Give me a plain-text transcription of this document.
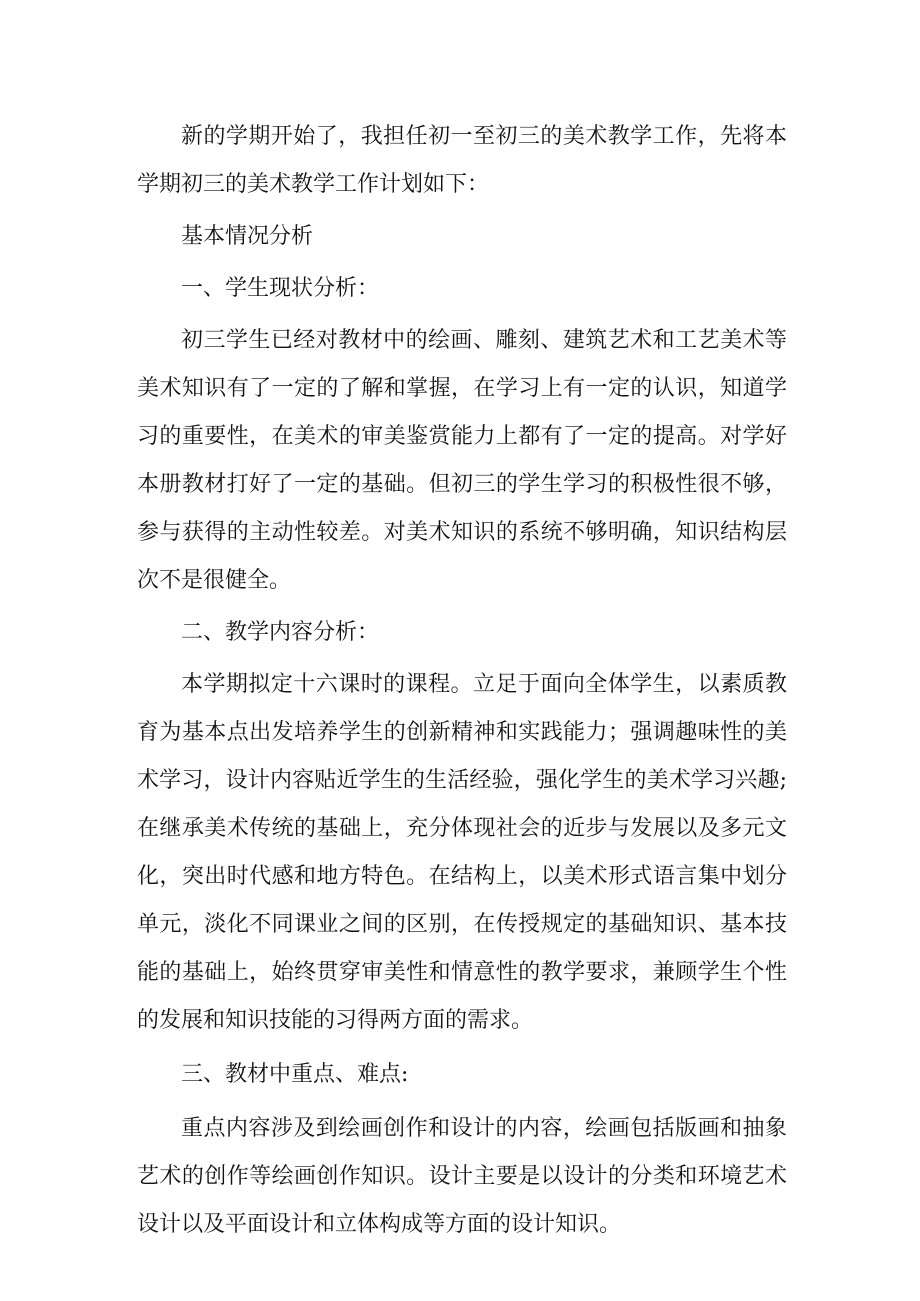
新的学期开始了，我担任初一至初三的美术教学工作，先将本学期初三的美术教学工作计划如下：

基本情况分析

一、学生现状分析：

初三学生已经对教材中的绘画、雕刻、建筑艺术和工艺美术等美术知识有了一定的了解和掌握，在学习上有一定的认识，知道学习的重要性，在美术的审美鉴赏能力上都有了一定的提高。对学好本册教材打好了一定的基础。但初三的学生学习的积极性很不够，参与获得的主动性较差。对美术知识的系统不够明确，知识结构层次不是很健全。

二、教学内容分析：

本学期拟定十六课时的课程。立足于面向全体学生，以素质教育为基本点出发培养学生的创新精神和实践能力；强调趣味性的美术学习，设计内容贴近学生的生活经验，强化学生的美术学习兴趣;在继承美术传统的基础上，充分体现社会的近步与发展以及多元文化，突出时代感和地方特色。在结构上，以美术形式语言集中划分单元，淡化不同课业之间的区别，在传授规定的基础知识、基本技能的基础上，始终贯穿审美性和情意性的教学要求，兼顾学生个性的发展和知识技能的习得两方面的需求。

三、教材中重点、难点:

重点内容涉及到绘画创作和设计的内容，绘画包括版画和抽象艺术的创作等绘画创作知识。设计主要是以设计的分类和环境艺术设计以及平面设计和立体构成等方面的设计知识。
